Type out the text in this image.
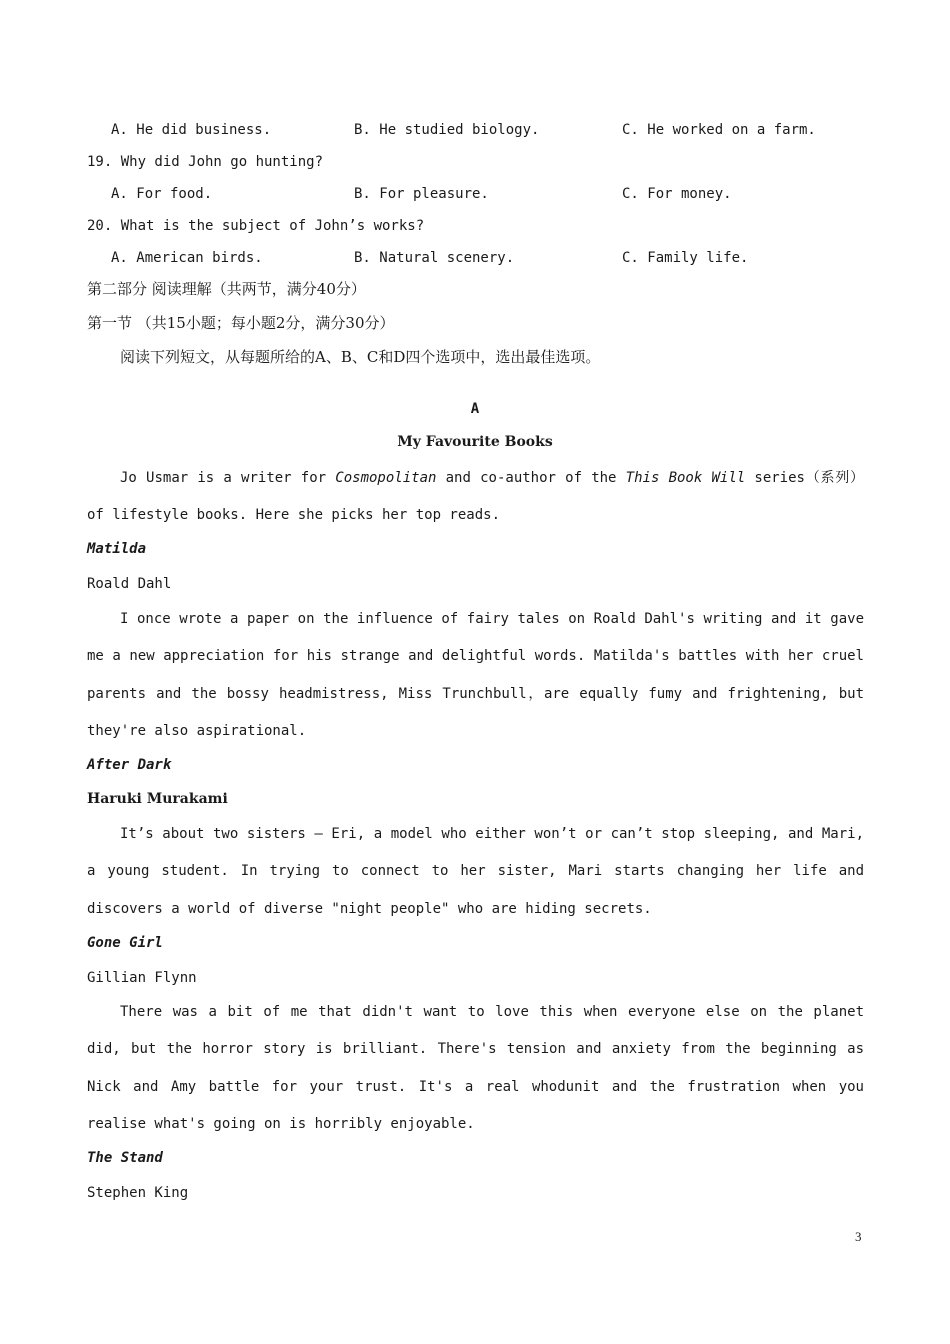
A. He did business.	B. He studied biology.	C. He worked on a farm.
19. Why did John go hunting?
A. For food.	B. For pleasure.	C. For money.
20. What is the subject of John’s works?
A. American birds.	B. Natural scenery.	C. Family life.
第二部分 阅读理解（共两节，满分40分）
第一节 （共15小题；每小题2分，满分30分）
阅读下列短文，从每题所给的A、B、C和D四个选项中，选出最佳选项。
A
My Favourite Books
Jo Usmar is a writer for Cosmopolitan and co-author of the This Book Will series（系列）of lifestyle books. Here she picks her top reads.
Matilda
Roald Dahl
I once wrote a paper on the influence of fairy tales on Roald Dahl's writing and it gave me a new appreciation for his strange and delightful words. Matilda's battles with her cruel parents and the bossy headmistress, Miss Trunchbull，are equally fumy and frightening, but they're also aspirational.
After Dark
Haruki Murakami
It’s about two sisters — Eri, a model who either won’t or can’t stop sleeping, and Mari, a young student. In trying to connect to her sister, Mari starts changing her life and discovers a world of diverse "night people" who are hiding secrets.
Gone Girl
Gillian Flynn
There was a bit of me that didn't want to love this when everyone else on the planet did, but the horror story is brilliant. There's tension and anxiety from the beginning as Nick and Amy battle for your trust. It's a real whodunit and the frustration when you realise what's going on is horribly enjoyable.
The Stand
Stephen King
3
